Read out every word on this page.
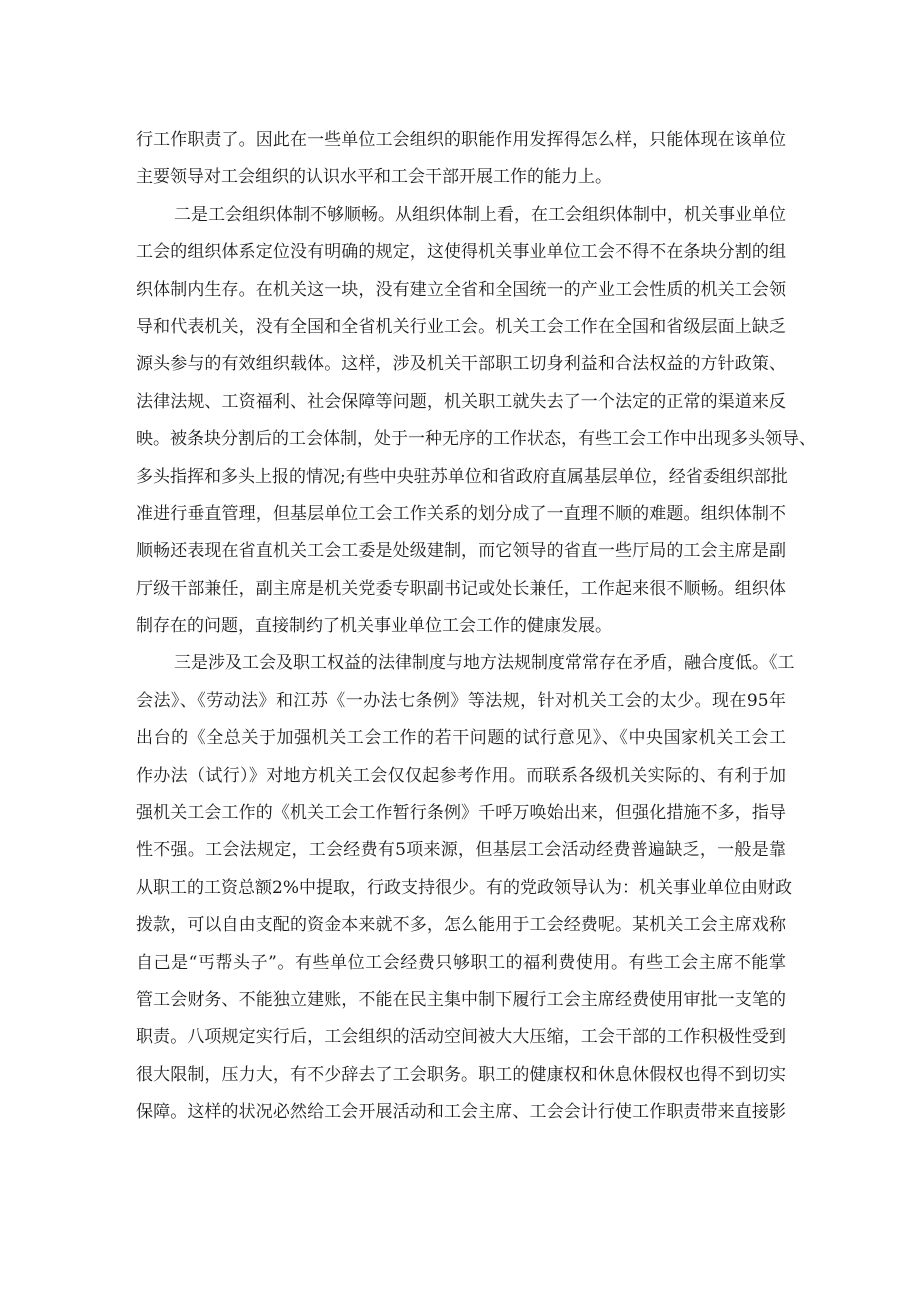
行工作职责了。因此在一些单位工会组织的职能作用发挥得怎么样，只能体现在该单位
主要领导对工会组织的认识水平和工会干部开展工作的能力上。
二是工会组织体制不够顺畅。从组织体制上看，在工会组织体制中，机关事业单位
工会的组织体系定位没有明确的规定，这使得机关事业单位工会不得不在条块分割的组
织体制内生存。在机关这一块，没有建立全省和全国统一的产业工会性质的机关工会领
导和代表机关，没有全国和全省机关行业工会。机关工会工作在全国和省级层面上缺乏
源头参与的有效组织载体。这样，涉及机关干部职工切身利益和合法权益的方针政策、
法律法规、工资福利、社会保障等问题，机关职工就失去了一个法定的正常的渠道来反
映。被条块分割后的工会体制，处于一种无序的工作状态，有些工会工作中出现多头领导、
多头指挥和多头上报的情况;有些中央驻苏单位和省政府直属基层单位，经省委组织部批
准进行垂直管理，但基层单位工会工作关系的划分成了一直理不顺的难题。组织体制不
顺畅还表现在省直机关工会工委是处级建制，而它领导的省直一些厅局的工会主席是副
厅级干部兼任，副主席是机关党委专职副书记或处长兼任，工作起来很不顺畅。组织体
制存在的问题，直接制约了机关事业单位工会工作的健康发展。
三是涉及工会及职工权益的法律制度与地方法规制度常常存在矛盾，融合度低。《工
会法》、《劳动法》和江苏《一办法七条例》等法规，针对机关工会的太少。现在95年
出台的《全总关于加强机关工会工作的若干问题的试行意见》、《中央国家机关工会工
作办法（试行）》对地方机关工会仅仅起参考作用。而联系各级机关实际的、有利于加
强机关工会工作的《机关工会工作暂行条例》千呼万唤始出来，但强化措施不多，指导
性不强。工会法规定，工会经费有5项来源，但基层工会活动经费普遍缺乏，一般是靠
从职工的工资总额2%中提取，行政支持很少。有的党政领导认为：机关事业单位由财政
拨款，可以自由支配的资金本来就不多，怎么能用于工会经费呢。某机关工会主席戏称
自己是“丐帮头子”。有些单位工会经费只够职工的福利费使用。有些工会主席不能掌
管工会财务、不能独立建账，不能在民主集中制下履行工会主席经费使用审批一支笔的
职责。八项规定实行后，工会组织的活动空间被大大压缩，工会干部的工作积极性受到
很大限制，压力大，有不少辞去了工会职务。职工的健康权和休息休假权也得不到切实
保障。这样的状况必然给工会开展活动和工会主席、工会会计行使工作职责带来直接影
